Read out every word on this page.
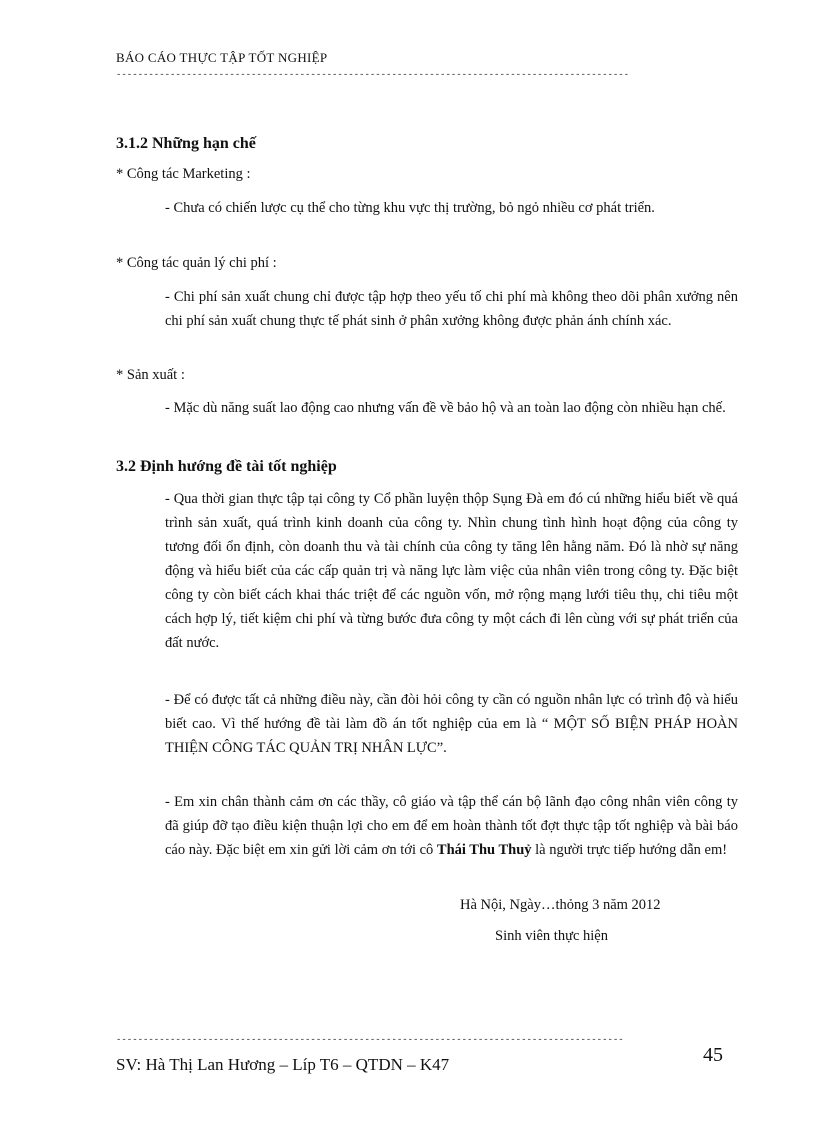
BÁO CÁO THỰC TẬP TỐT NGHIỆP
-----------------------------------------------------------------------------------------------
3.1.2 Những hạn chế
* Công tác Marketing :
- Chưa có chiến lược cụ thể cho từng khu vực thị trường, bỏ ngỏ nhiều cơ phát triển.
* Công tác quản lý chi phí :
- Chi phí sản xuất chung chỉ được tập hợp theo yếu tố chi phí mà không theo dõi phân xưởng nên chi phí sản xuất chung thực tế phát sinh ở phân xưởng không được phản ánh chính xác.
* Sản xuất :
- Mặc dù năng suất lao động cao nhưng vấn đề về bảo hộ và an toàn lao động còn nhiều hạn chế.
3.2 Định hướng đề tài tốt nghiệp
- Qua thời gian thực tập tại công ty Cổ phần luyện thộp Sụng Đà em đó cú những hiểu biết về quá trình sản xuất, quá trình kinh doanh của công ty. Nhìn chung tình hình hoạt động của công ty tương đối ổn định, còn doanh thu và tài chính của công ty tăng lên hằng năm. Đó là nhờ sự năng động và hiểu biết của các cấp quản trị và năng lực làm việc của nhân viên trong công ty. Đặc biệt công ty còn biết cách khai thác triệt để các nguồn vốn, mở rộng mạng lưới tiêu thụ, chi tiêu một cách hợp lý, tiết kiệm chi phí và từng bước đưa công ty một cách đi lên cùng với sự phát triển của đất nước.
- Để có được tất cả những điều này, cần đòi hỏi công ty cần có nguồn nhân lực có trình độ và hiểu biết cao. Vì thế hướng đề tài làm đồ án tốt nghiệp của em là “ MỘT SỐ BIỆN PHÁP HOÀN THIỆN CÔNG TÁC QUẢN TRỊ NHÂN LỰC”.
- Em xin chân thành cảm ơn các thầy, cô giáo và tập thể cán bộ lãnh đạo công nhân viên công ty đã giúp đỡ tạo điều kiện thuận lợi cho em để em hoàn thành tốt đợt thực tập tốt nghiệp và bài báo cáo này. Đặc biệt em xin gửi lời cảm ơn tới cô Thái Thu Thuỷ là người trực tiếp hướng dẫn em!
Hà Nội, Ngày…thỏng 3 năm 2012
Sinh viên thực hiện
----------------------------------------------------------------------------------------------
SV: Hà Thị Lan Hương – Líp T6 – QTDN – K47	45
